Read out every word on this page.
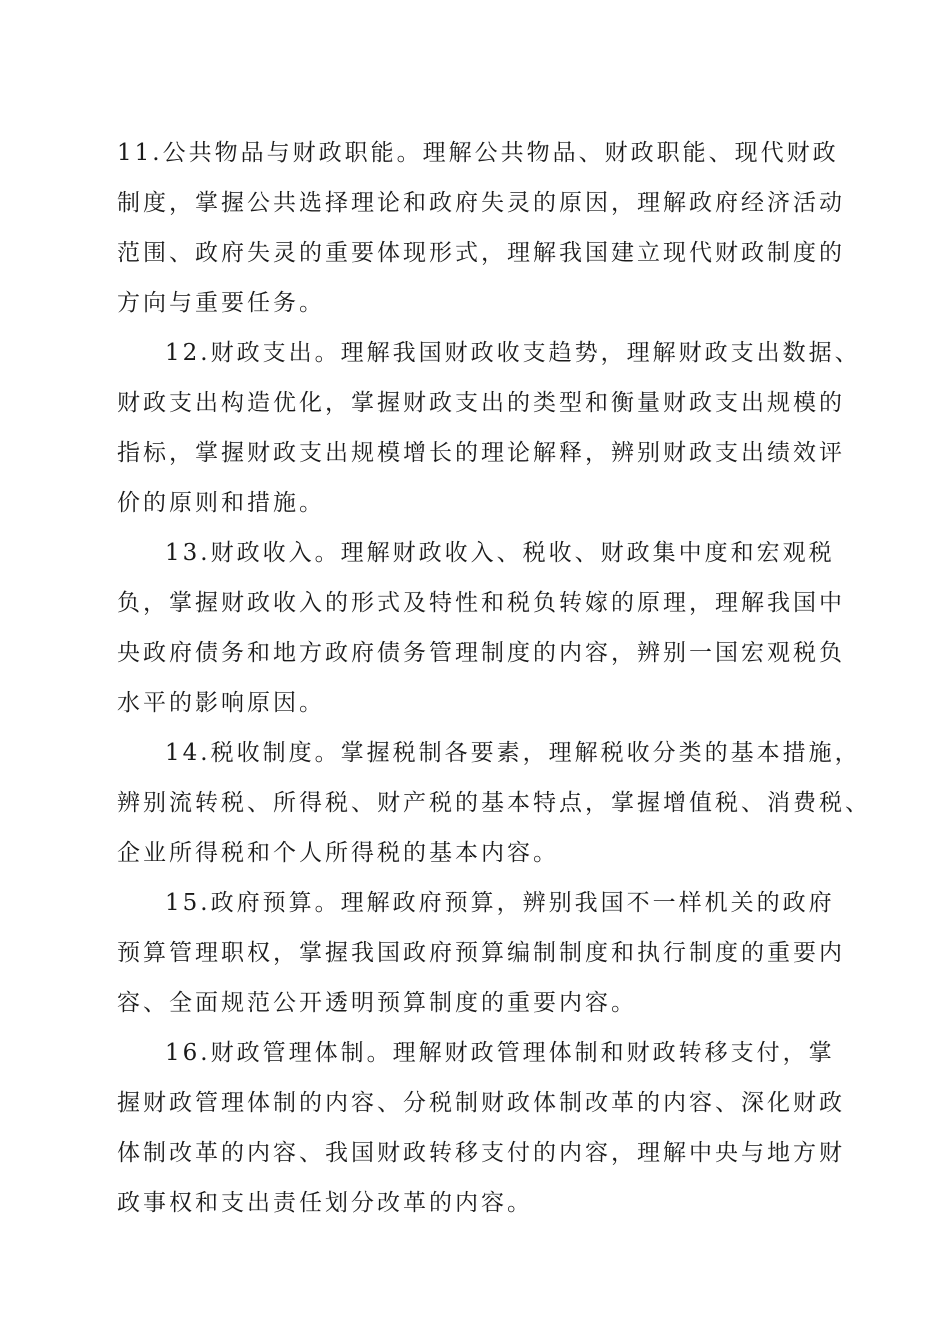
11.公共物品与财政职能。理解公共物品、财政职能、现代财政
制度，掌握公共选择理论和政府失灵的原因，理解政府经济活动
范围、政府失灵的重要体现形式，理解我国建立现代财政制度的
方向与重要任务。

12.财政支出。理解我国财政收支趋势，理解财政支出数据、
财政支出构造优化，掌握财政支出的类型和衡量财政支出规模的
指标，掌握财政支出规模增长的理论解释，辨别财政支出绩效评
价的原则和措施。

13.财政收入。理解财政收入、税收、财政集中度和宏观税
负，掌握财政收入的形式及特性和税负转嫁的原理，理解我国中
央政府债务和地方政府债务管理制度的内容，辨别一国宏观税负
水平的影响原因。

14.税收制度。掌握税制各要素，理解税收分类的基本措施，
辨别流转税、所得税、财产税的基本特点，掌握增值税、消费税、
企业所得税和个人所得税的基本内容。

15.政府预算。理解政府预算，辨别我国不一样机关的政府
预算管理职权，掌握我国政府预算编制制度和执行制度的重要内
容、全面规范公开透明预算制度的重要内容。

16.财政管理体制。理解财政管理体制和财政转移支付，掌
握财政管理体制的内容、分税制财政体制改革的内容、深化财政
体制改革的内容、我国财政转移支付的内容，理解中央与地方财
政事权和支出责任划分改革的内容。
